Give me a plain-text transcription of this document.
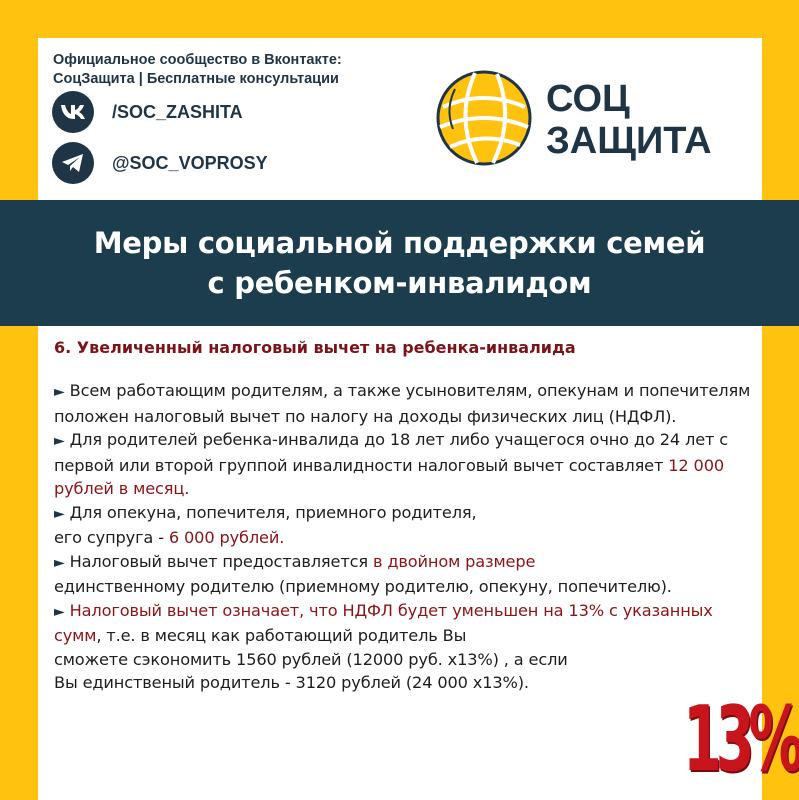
Официальное сообщество в Вконтакте:
СоцЗащита | Бесплатные консультации
/SOC_ZASHITA
@SOC_VOPROSY
СОЦ
ЗАЩИТА
Меры социальной поддержки семей
с ребенком-инвалидом
6. Увеличенный налоговый вычет на ребенка-инвалида
► Всем работающим родителям, а также усыновителям, опекунам и попечителям положен налоговый вычет по налогу на доходы физических лиц (НДФЛ).
► Для родителей ребенка-инвалида до 18 лет либо учащегося очно до 24 лет с первой или второй группой инвалидности налоговый вычет составляет 12 000 рублей в месяц.
► Для опекуна, попечителя, приемного родителя,
его супруга - 6 000 рублей.
► Налоговый вычет предоставляется в двойном размере
единственному родителю (приемному родителю, опекуну, попечителю).
► Налоговый вычет означает, что НДФЛ будет уменьшен на 13% с указанных сумм, т.е. в месяц как работающий родитель Вы
сможете сэкономить 1560 рублей (12000 руб. х13%) , а если
Вы единственый родитель - 3120 рублей (24 000 х13%).
13%
